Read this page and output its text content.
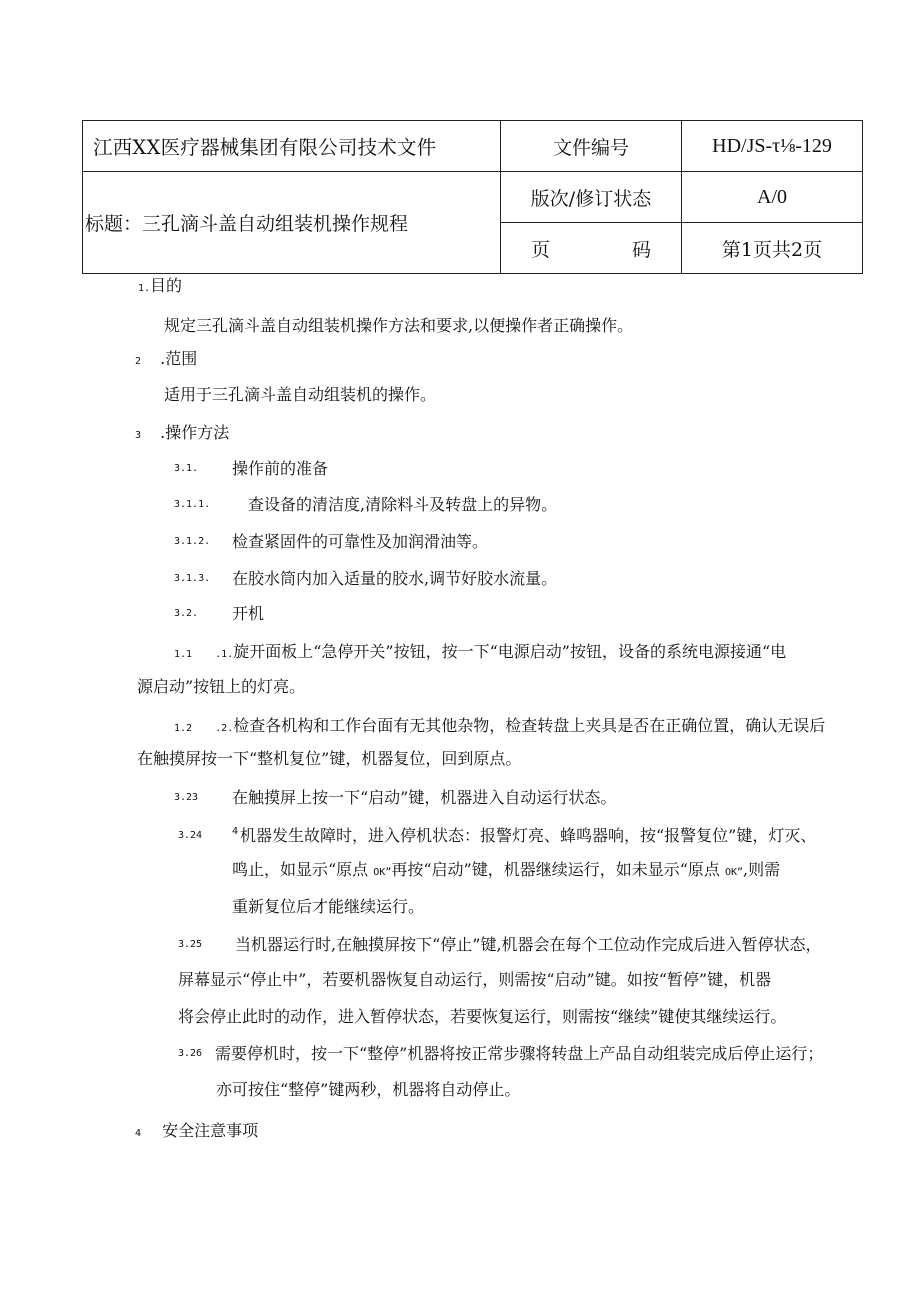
江西XX医疗器械集团有限公司技术文件	文件编号	HD/JS-τ⅛-129
标题：三孔滴斗盖自动组装机操作规程	版次/修订状态	A/0

	页 码	第1页共2页
1.目的
规定三孔滴斗盖自动组装机操作方法和要求,以便操作者正确操作。
2 .范围
适用于三孔滴斗盖自动组装机的操作。
3 .操作方法
3.1. 操作前的准备
3.1.1. 查设备的清洁度,清除料斗及转盘上的异物。
3.1.2. 检查紧固件的可靠性及加润滑油等。
3.1.3. 在胶水筒内加入适量的胶水,调节好胶水流量。
3.2. 开机
1.1 .1.旋开面板上“急停开关”按钮，按一下“电源启动”按钮，设备的系统电源接通“电
源启动”按钮上的灯亮。
1.2 .2.检查各机构和工作台面有无其他杂物，检查转盘上夹具是否在正确位置，确认无误后
在触摸屏按一下“整机复位”键，机器复位，回到原点。
3.23 在触摸屏上按一下“启动”键，机器进入自动运行状态。
3.24	4 机器发生故障时，进入停机状态：报警灯亮、蜂鸣器响，按“报警复位”键，灯灭、
鸣止，如显示“原点 OK”再按“启动”键，机器继续运行，如未显示“原点 OK”,则需
重新复位后才能继续运行。
3.25 当机器运行时,在触摸屏按下“停止”键,机器会在每个工位动作完成后进入暂停状态，
屏幕显示“停止中”，若要机器恢复自动运行，则需按“启动”键。如按“暂停”键，机器
将会停止此时的动作，进入暂停状态，若要恢复运行，则需按“继续”键使其继续运行。
3.26 需要停机时，按一下“整停”机器将按正常步骤将转盘上产品自动组装完成后停止运行；
亦可按住“整停”键两秒，机器将自动停止。
4 安全注意事项
